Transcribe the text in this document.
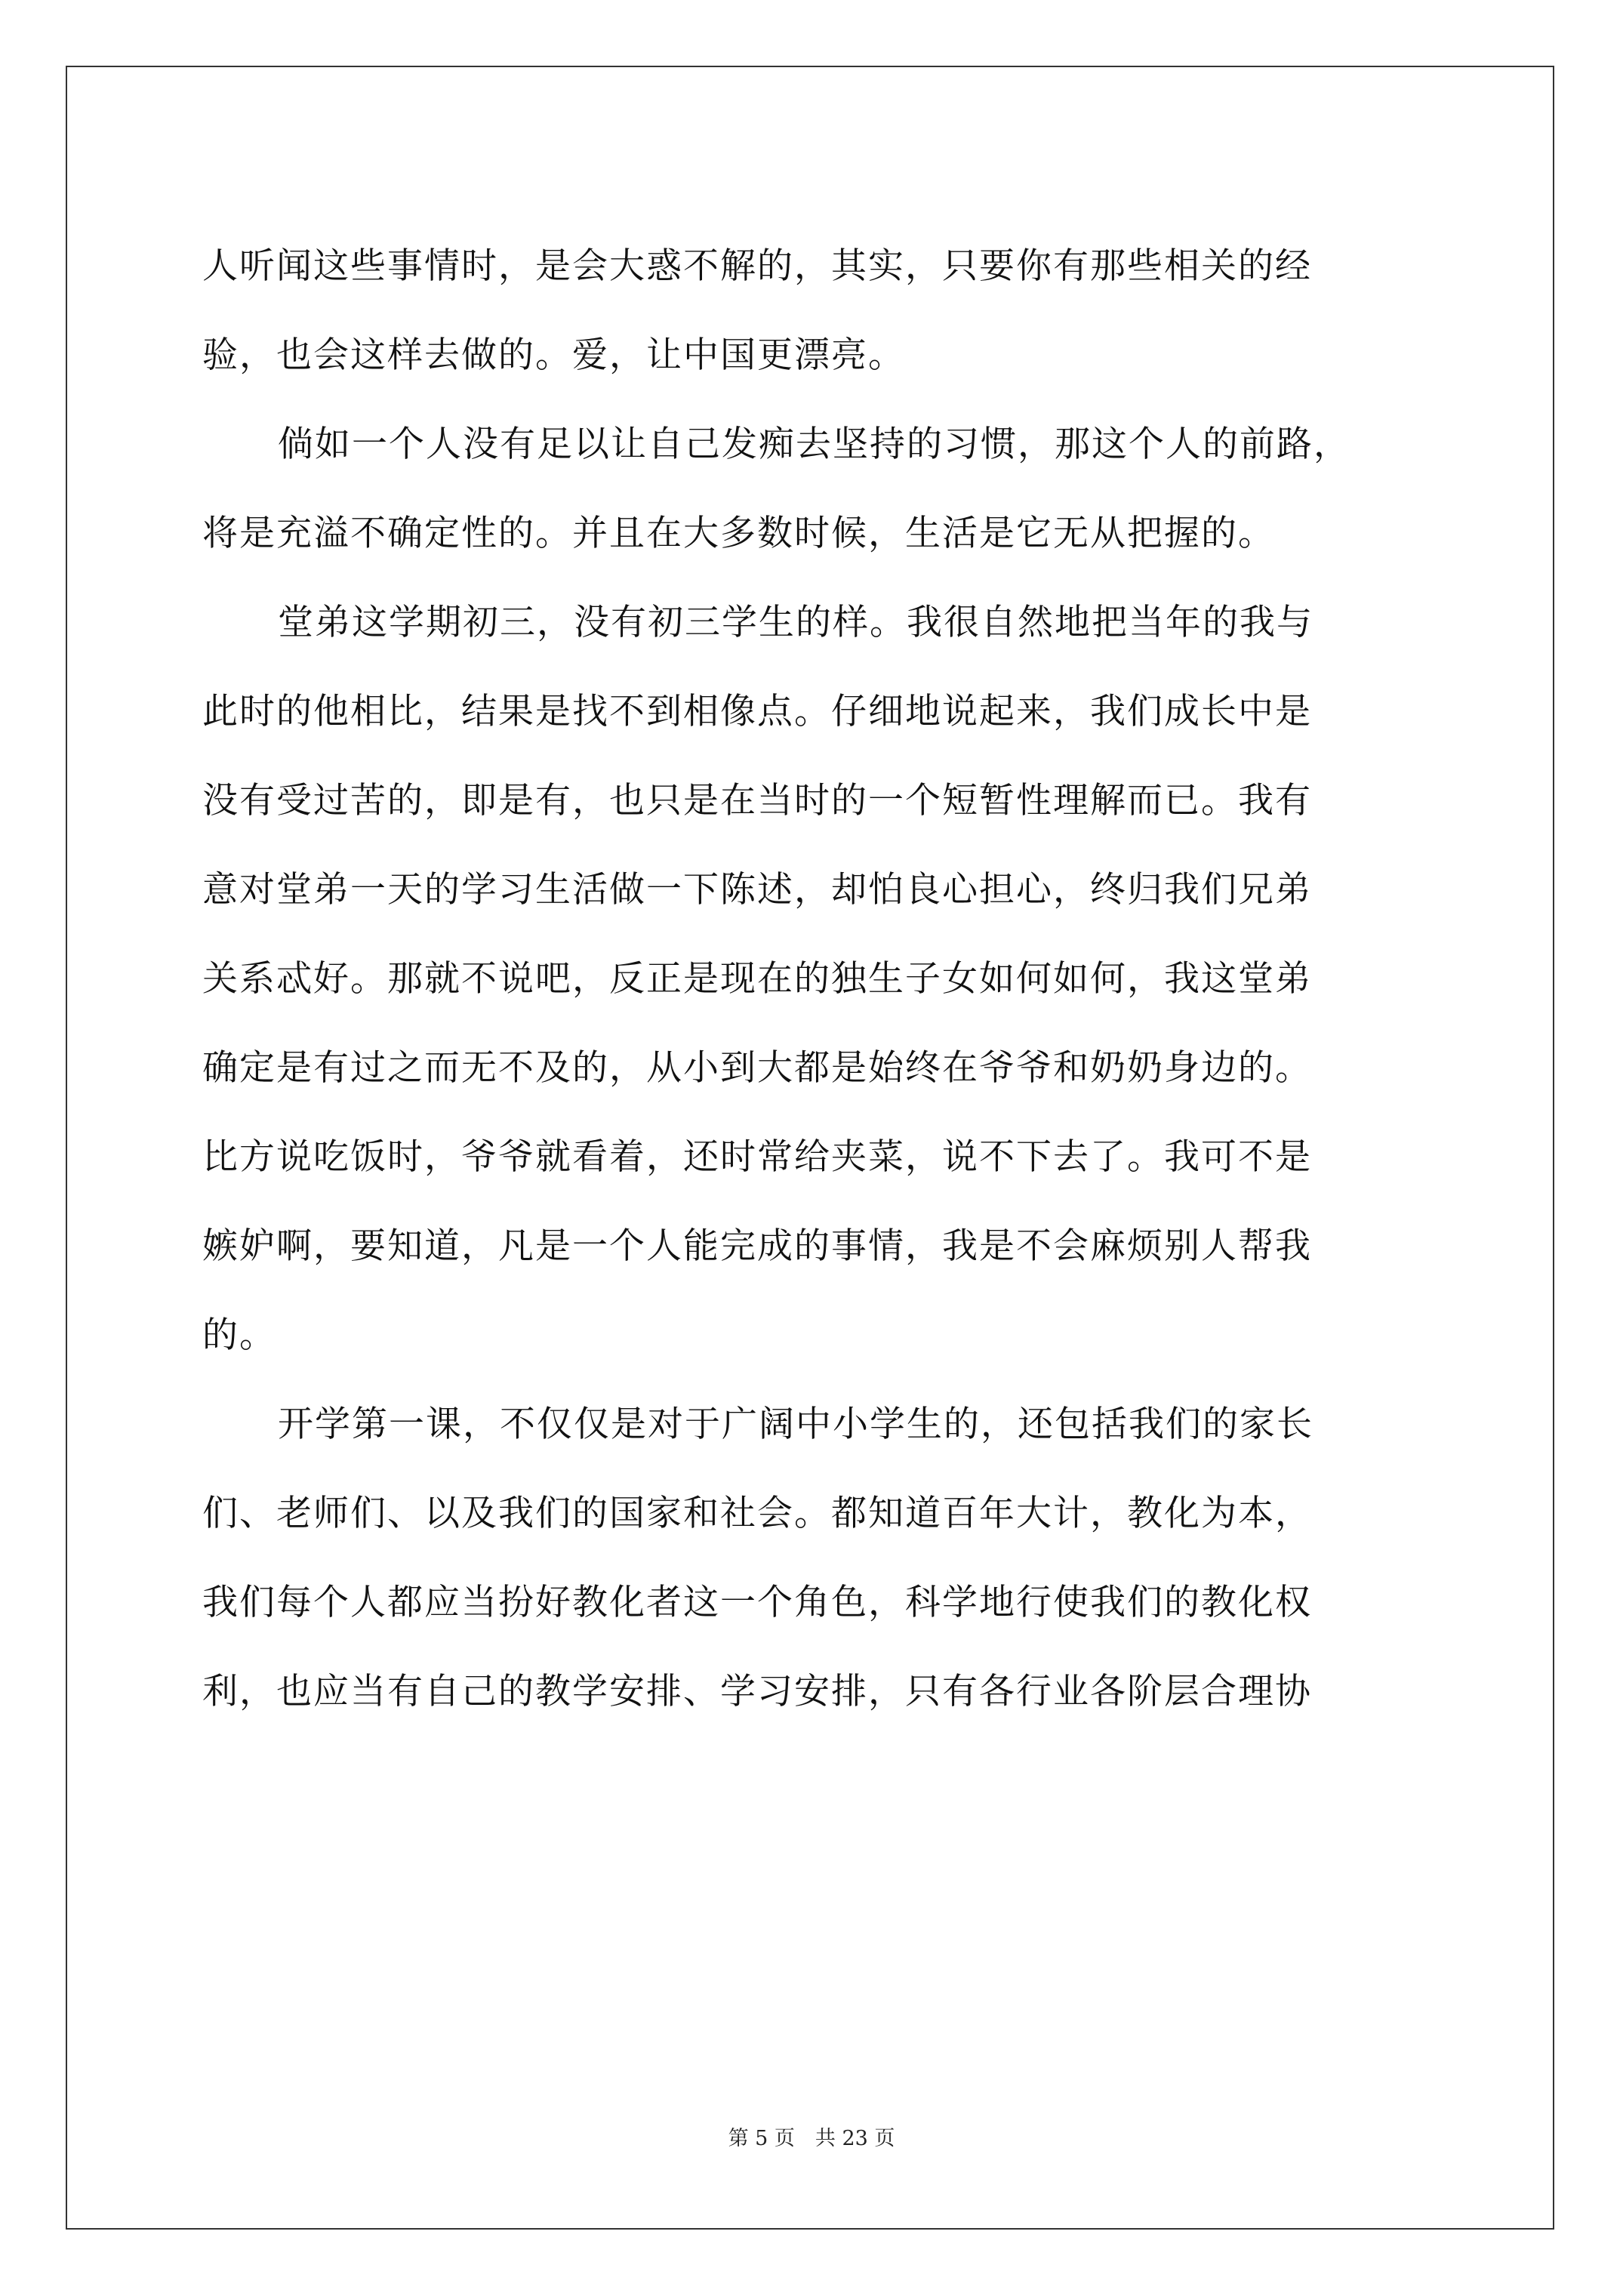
人听闻这些事情时，是会大惑不解的，其实，只要你有那些相关的经
验，也会这样去做的。爱，让中国更漂亮。
倘如一个人没有足以让自己发痴去坚持的习惯，那这个人的前路，
将是充溢不确定性的。并且在大多数时候，生活是它无从把握的。
堂弟这学期初三，没有初三学生的样。我很自然地把当年的我与
此时的他相比，结果是找不到相像点。仔细地说起来，我们成长中是
没有受过苦的，即是有，也只是在当时的一个短暂性理解而已。我有
意对堂弟一天的学习生活做一下陈述，却怕良心担心，终归我们兄弟
关系忒好。那就不说吧，反正是现在的独生子女如何如何，我这堂弟
确定是有过之而无不及的，从小到大都是始终在爷爷和奶奶身边的。
比方说吃饭时，爷爷就看着，还时常给夹菜，说不下去了。我可不是
嫉妒啊，要知道，凡是一个人能完成的事情，我是不会麻烦别人帮我
的。
开学第一课，不仅仅是对于广阔中小学生的，还包括我们的家长
们、老师们、以及我们的国家和社会。都知道百年大计，教化为本，
我们每个人都应当扮好教化者这一个角色，科学地行使我们的教化权
利，也应当有自己的教学安排、学习安排，只有各行业各阶层合理协
第 5 页　共 23 页
